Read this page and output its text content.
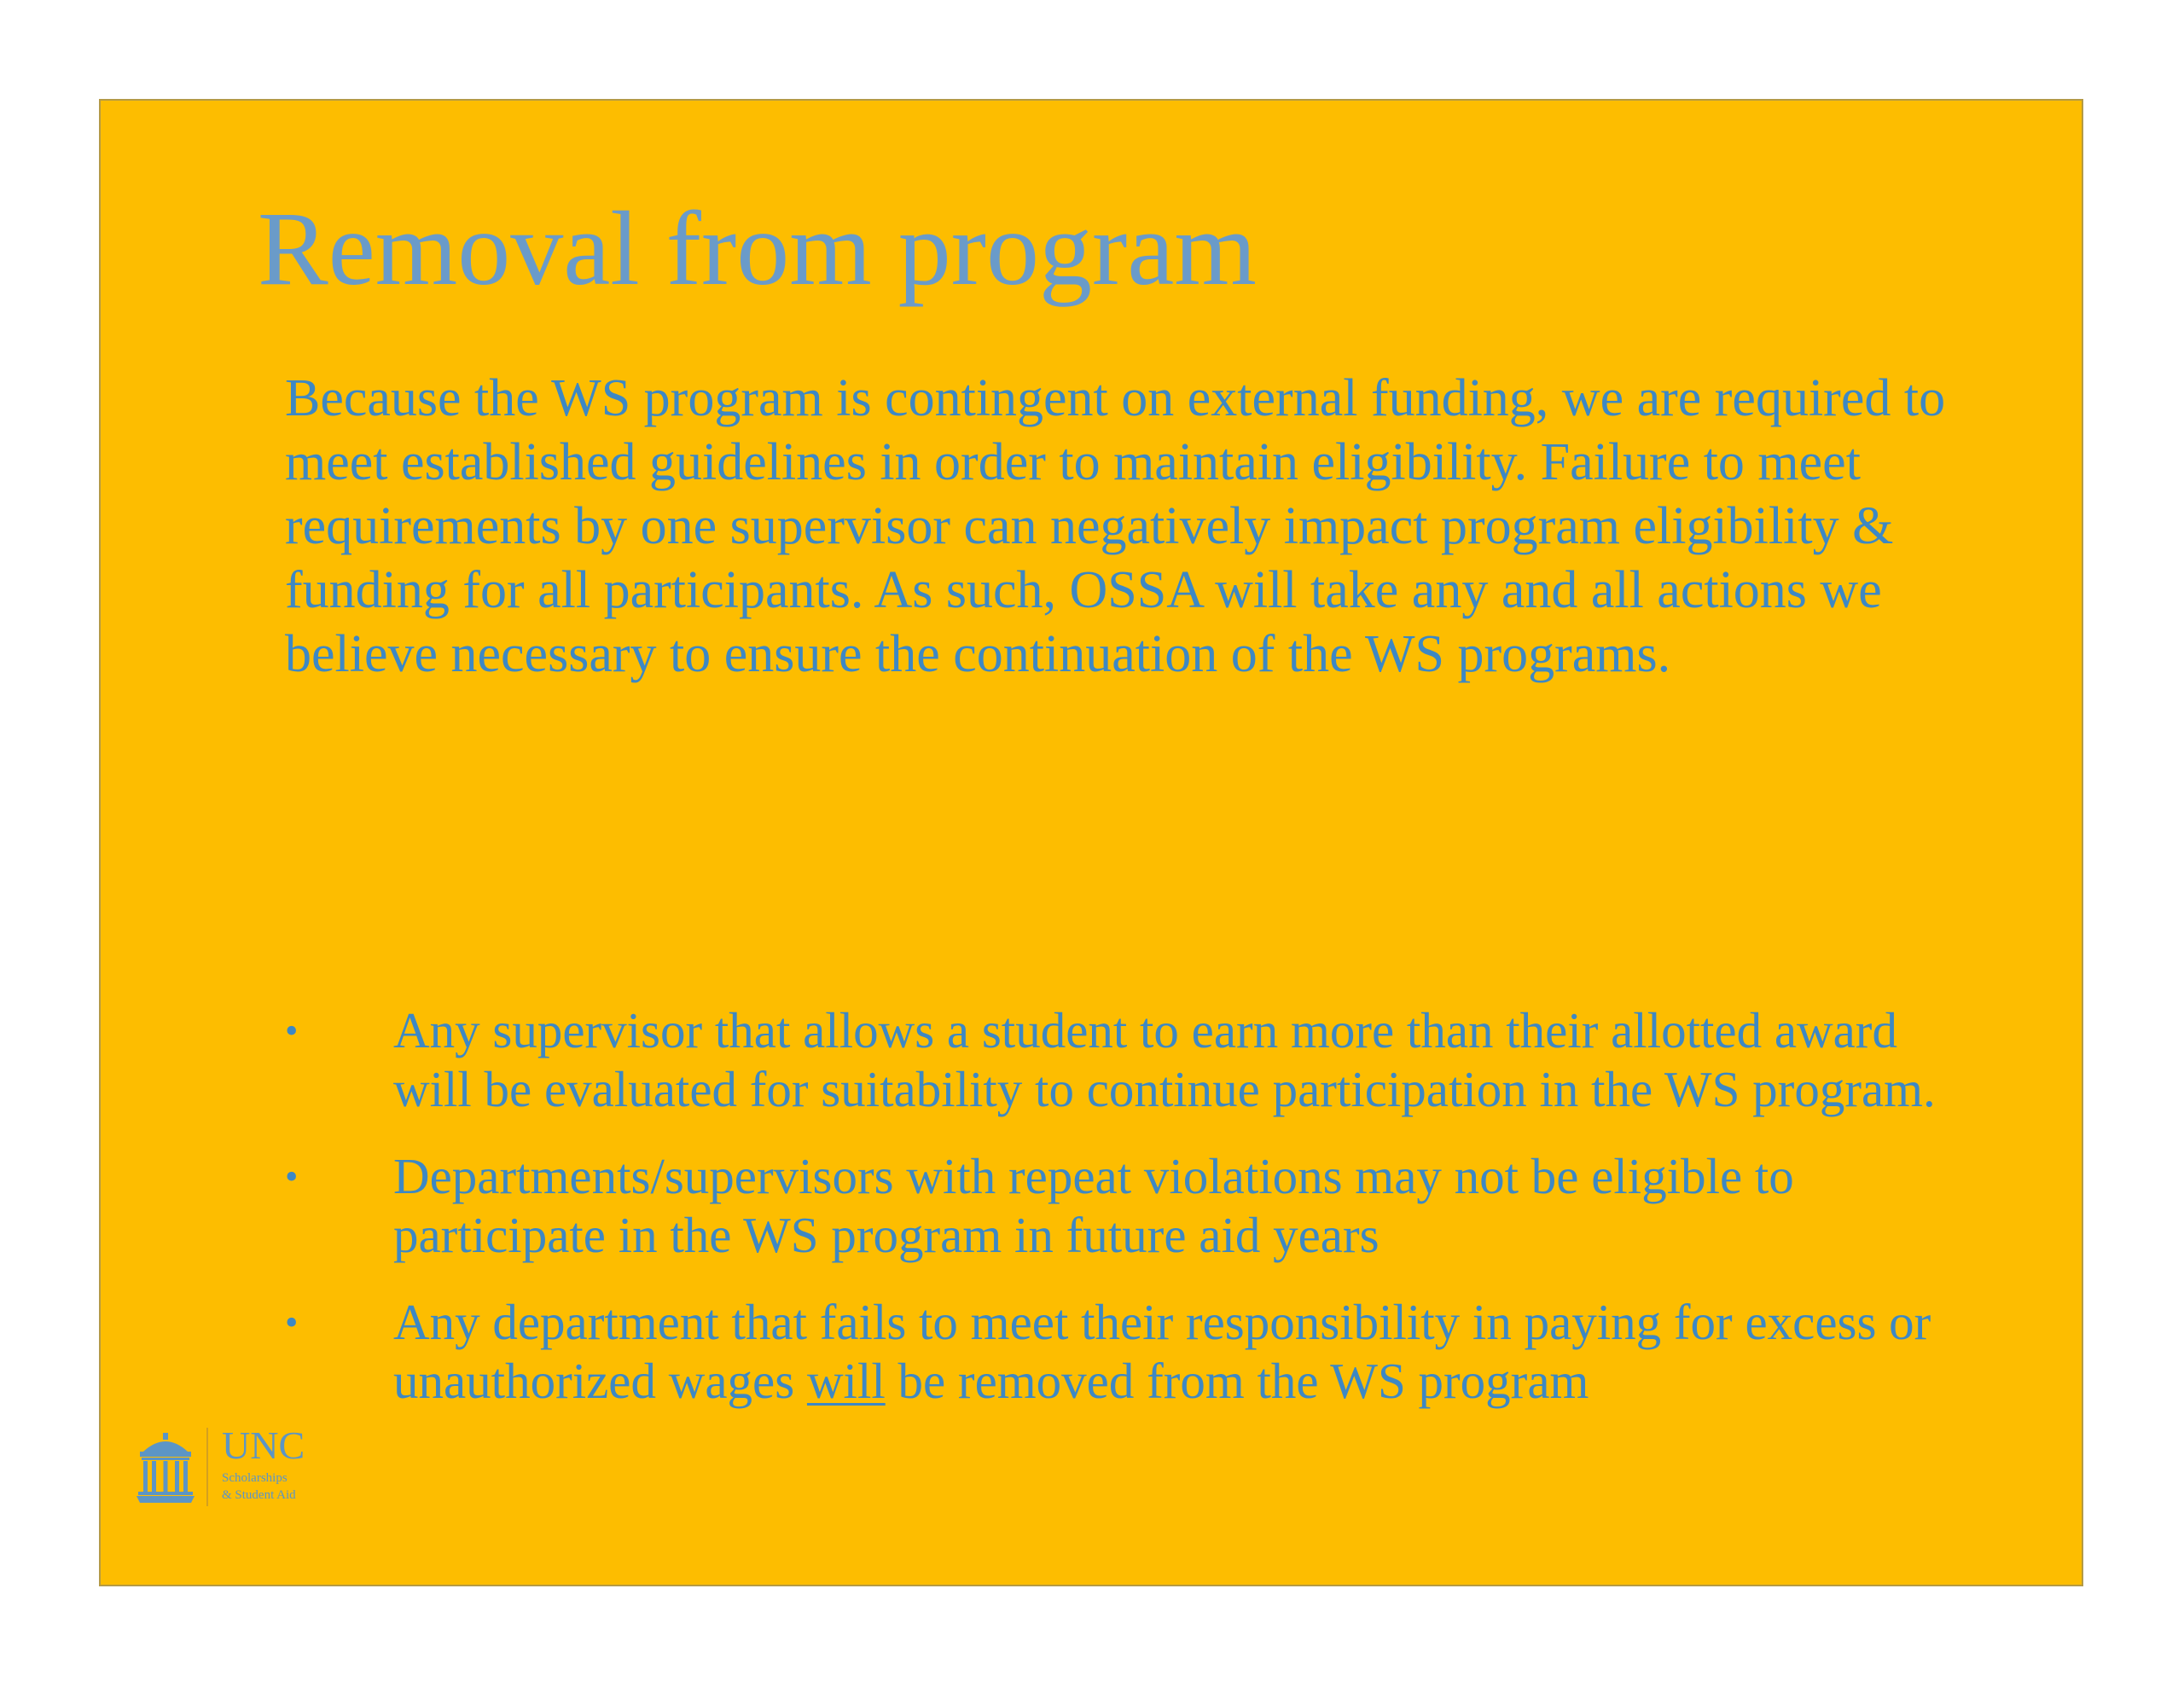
Removal from program

Because the WS program is contingent on external funding, we are required to meet established guidelines in order to maintain eligibility. Failure to meet requirements by one supervisor can negatively impact program eligibility & funding for all participants. As such, OSSA will take any and all actions we believe necessary to ensure the continuation of the WS programs.

• Any supervisor that allows a student to earn more than their allotted award will be evaluated for suitability to continue participation in the WS program.
• Departments/supervisors with repeat violations may not be eligible to participate in the WS program in future aid years
• Any department that fails to meet their responsibility in paying for excess or unauthorized wages will be removed from the WS program
UNC
Scholarships
& Student Aid
